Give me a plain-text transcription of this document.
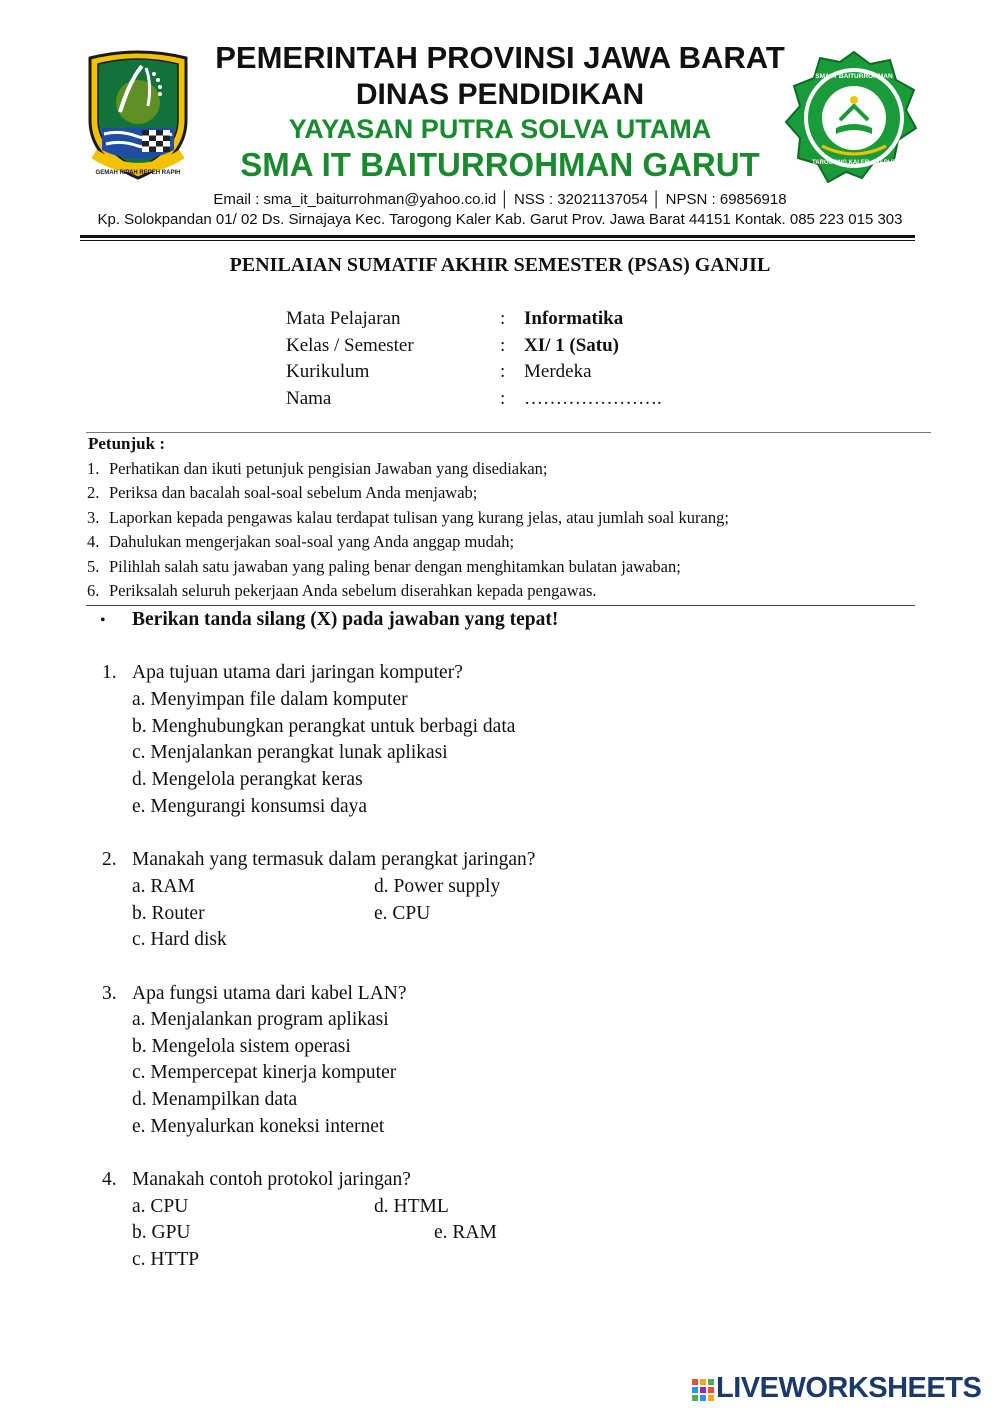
GEMAH RIPAH REPEH RAPIH
PEMERINTAH PROVINSI JAWA BARAT
DINAS PENDIDIKAN
YAYASAN PUTRA SOLVA UTAMA
SMA IT BAITURROHMAN GARUT
SMA IT BAITURROHMAN
TAROGONG KALER - GARUT
Email : sma_it_baiturrohman@yahoo.co.id │ NSS : 32021137054 │ NPSN : 69856918
Kp. Solokpandan 01/ 02 Ds. Sirnajaya Kec. Tarogong Kaler Kab. Garut Prov. Jawa Barat 44151 Kontak. 085 223 015 303
PENILAIAN SUMATIF AKHIR SEMESTER (PSAS) GANJIL
Mata Pelajaran	: Informatika
Kelas / Semester	: XI/ 1 (Satu)
Kurikulum	: Merdeka
Nama	: ………………….
Petunjuk :
1. Perhatikan dan ikuti petunjuk pengisian Jawaban yang disediakan;
2. Periksa dan bacalah soal-soal sebelum Anda menjawab;
3. Laporkan kepada pengawas kalau terdapat tulisan yang kurang jelas, atau jumlah soal kurang;
4. Dahulukan mengerjakan soal-soal yang Anda anggap mudah;
5. Pilihlah salah satu jawaban yang paling benar dengan menghitamkan bulatan jawaban;
6. Periksalah seluruh pekerjaan Anda sebelum diserahkan kepada pengawas.
• Berikan tanda silang (X) pada jawaban yang tepat!
1. Apa tujuan utama dari jaringan komputer?
a. Menyimpan file dalam komputer
b. Menghubungkan perangkat untuk berbagi data
c. Menjalankan perangkat lunak aplikasi
d. Mengelola perangkat keras
e. Mengurangi konsumsi daya
2. Manakah yang termasuk dalam perangkat jaringan?
a. RAM	d. Power supply
b. Router	e. CPU
c. Hard disk
3. Apa fungsi utama dari kabel LAN?
a. Menjalankan program aplikasi
b. Mengelola sistem operasi
c. Mempercepat kinerja komputer
d. Menampilkan data
e. Menyalurkan koneksi internet
4. Manakah contoh protokol jaringan?
a. CPU	d. HTML
b. GPU	e. RAM
c. HTTP
LIVEWORKSHEETS
